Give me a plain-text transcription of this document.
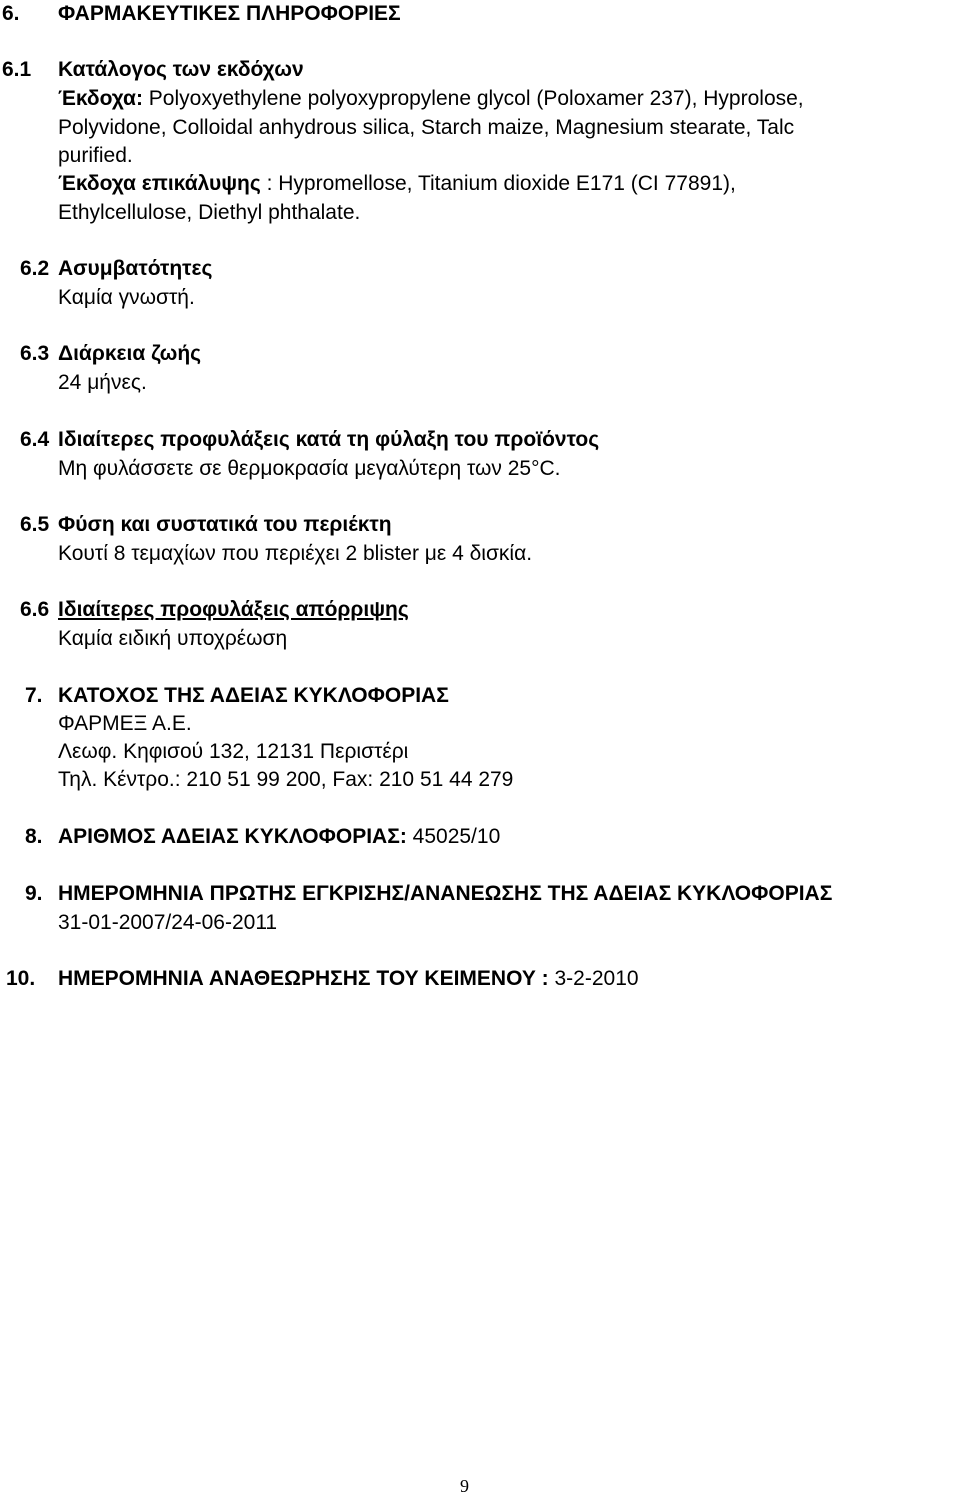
6. ΦΑΡΜΑΚΕΥΤΙΚΕΣ ΠΛΗΡΟΦΟΡΙΕΣ
6.1 Κατάλογος των εκδόχων
Έκδοχα: Polyoxyethylene polyoxypropylene glycol (Poloxamer 237), Hyprolose,
Polyvidone, Colloidal anhydrous silica, Starch maize, Magnesium stearate, Talc
purified.
Έκδοχα επικάλυψης : Hypromellose, Titanium dioxide E171 (CI 77891),
Ethylcellulose, Diethyl phthalate.
6.2 Ασυμβατότητες
Καμία γνωστή.
6.3 Διάρκεια ζωής
24 μήνες.
6.4 Ιδιαίτερες προφυλάξεις κατά τη φύλαξη του προϊόντος
Μη φυλάσσετε σε θερμοκρασία μεγαλύτερη των 25°C.
6.5 Φύση και συστατικά του περιέκτη
Κουτί 8 τεμαχίων που περιέχει 2 blister με 4 δισκία.
6.6 Ιδιαίτερες προφυλάξεις απόρριψης
Καμία ειδική υποχρέωση
7. ΚΑΤΟΧΟΣ ΤΗΣ ΑΔΕΙΑΣ ΚΥΚΛΟΦΟΡΙΑΣ
ΦΑΡΜΕΞ Α.Ε.
Λεωφ. Κηφισού 132, 12131 Περιστέρι
Τηλ. Κέντρο.: 210 51 99 200, Fax: 210 51 44 279
8. ΑΡΙΘΜΟΣ ΑΔΕΙΑΣ ΚΥΚΛΟΦΟΡΙΑΣ: 45025/10
9. ΗΜΕΡΟΜΗΝΙΑ ΠΡΩΤΗΣ ΕΓΚΡΙΣΗΣ/ΑΝΑΝΕΩΣΗΣ ΤΗΣ ΑΔΕΙΑΣ ΚΥΚΛΟΦΟΡΙΑΣ
31-01-2007/24-06-2011
10. ΗΜΕΡΟΜΗΝΙΑ ΑΝΑΘΕΩΡΗΣΗΣ ΤΟΥ ΚΕΙΜΕΝΟΥ : 3-2-2010
9
